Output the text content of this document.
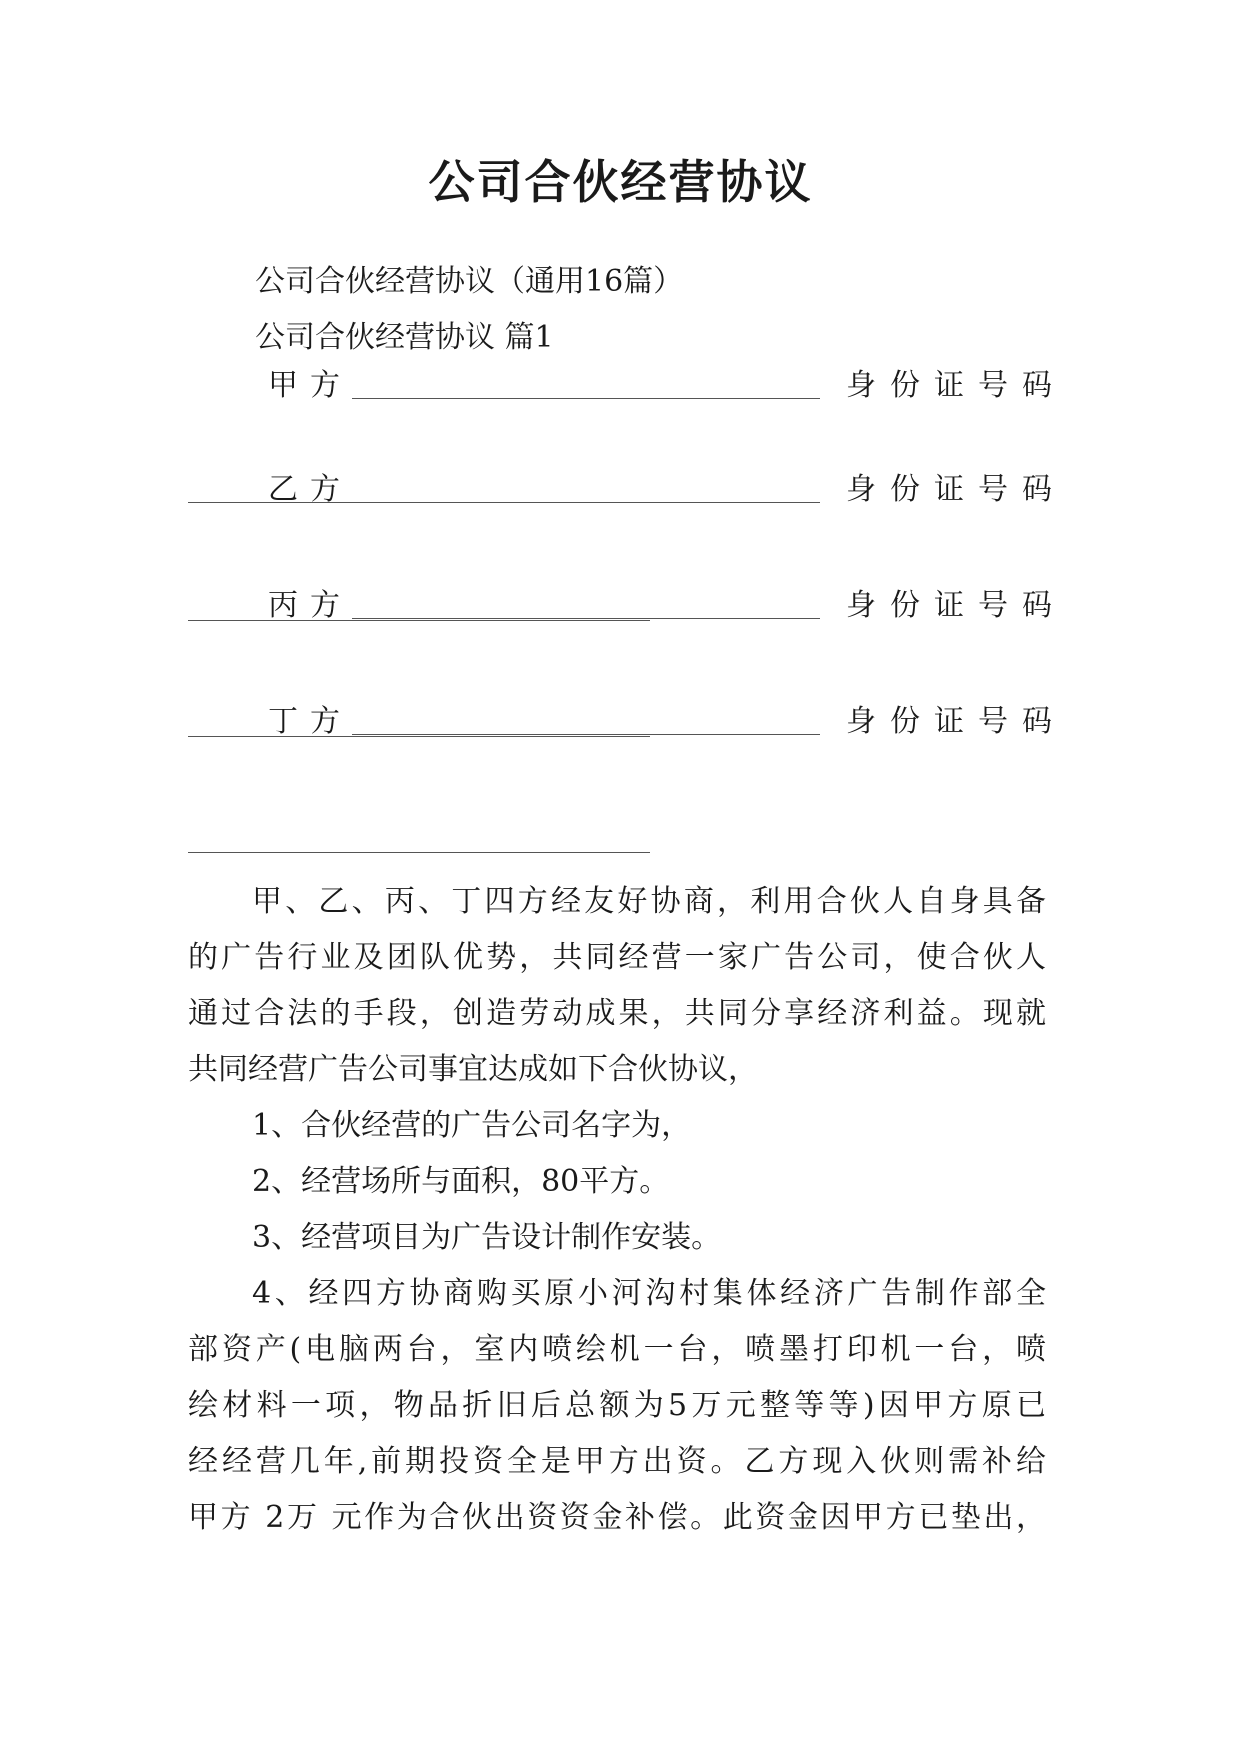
公司合伙经营协议
公司合伙经营协议（通用16篇）
公司合伙经营协议 篇1
甲方	身份证号码
乙方	身份证号码
丙方	身份证号码
丁方	身份证号码
甲、乙、丙、丁四方经友好协商，利用合伙人自身具备
的广告行业及团队优势，共同经营一家广告公司，使合伙人
通过合法的手段，创造劳动成果，共同分享经济利益。现就
共同经营广告公司事宜达成如下合伙协议，
1、合伙经营的广告公司名字为，
2、经营场所与面积，80平方。
3、经营项目为广告设计制作安装。
4、经四方协商购买原小河沟村集体经济广告制作部全
部资产(电脑两台，室内喷绘机一台，喷墨打印机一台，喷
绘材料一项，物品折旧后总额为5万元整等等)因甲方原已
经经营几年,前期投资全是甲方出资。乙方现入伙则需补给
甲方 2万 元作为合伙出资资金补偿。此资金因甲方已垫出，
